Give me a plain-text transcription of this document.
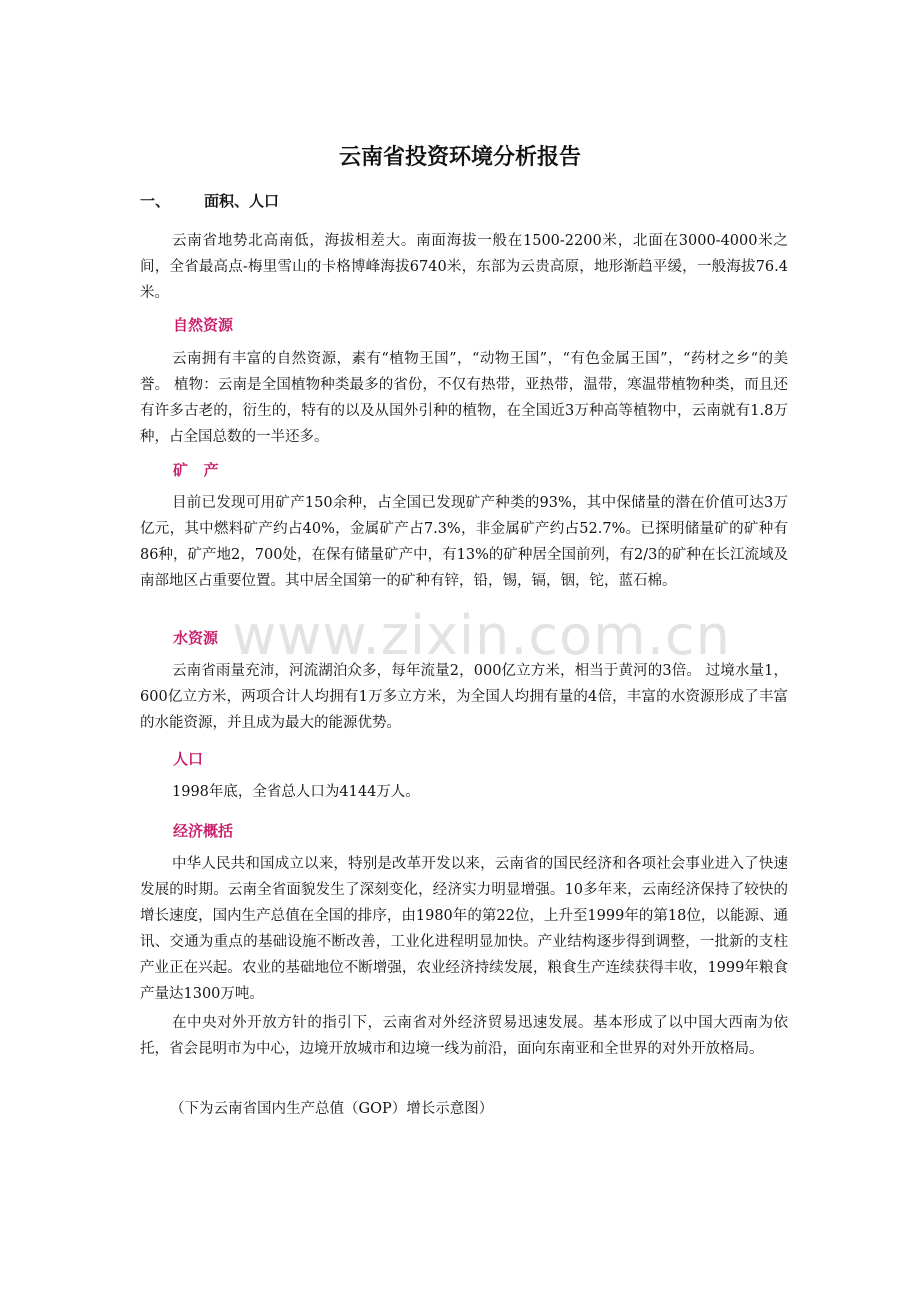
www.zixin.com.cn
云南省投资环境分析报告
一、 面积、人口
云南省地势北高南低，海拔相差大。南面海拔一般在1500-2200米，北面在3000-4000米之间，全省最高点-梅里雪山的卡格博峰海拔6740米，东部为云贵高原，地形渐趋平缓，一般海拔76.4米。
自然资源
云南拥有丰富的自然资源，素有“植物王国”，“动物王国”，“有色金属王国”，“药材之乡“的美誉。 植物：云南是全国植物种类最多的省份，不仅有热带，亚热带，温带，寒温带植物种类，而且还有许多古老的，衍生的，特有的以及从国外引种的植物，在全国近3万种高等植物中，云南就有1.8万种，占全国总数的一半还多。
矿   产
目前已发现可用矿产150余种，占全国已发现矿产种类的93%，其中保储量的潜在价值可达3万亿元，其中燃料矿产约占40%，金属矿产占7.3%，非金属矿产约占52.7%。已探明储量矿的矿种有86种，矿产地2，700处，在保有储量矿产中，有13%的矿种居全国前列，有2/3的矿种在长江流域及南部地区占重要位置。其中居全国第一的矿种有锌，铅，锡，镉，铟，铊，蓝石棉。
水资源
云南省雨量充沛，河流湖泊众多，每年流量2，000亿立方米，相当于黄河的3倍。 过境水量1，600亿立方米，两项合计人均拥有1万多立方米，为全国人均拥有量的4倍，丰富的水资源形成了丰富的水能资源，并且成为最大的能源优势。
人口
1998年底，全省总人口为4144万人。
经济概括
中华人民共和国成立以来，特别是改革开发以来，云南省的国民经济和各项社会事业进入了快速发展的时期。云南全省面貌发生了深刻变化，经济实力明显增强。10多年来，云南经济保持了较快的增长速度，国内生产总值在全国的排序，由1980年的第22位，上升至1999年的第18位，以能源、通讯、交通为重点的基础设施不断改善，工业化进程明显加快。产业结构逐步得到调整，一批新的支柱产业正在兴起。农业的基础地位不断增强，农业经济持续发展，粮食生产连续获得丰收，1999年粮食产量达1300万吨。
在中央对外开放方针的指引下，云南省对外经济贸易迅速发展。基本形成了以中国大西南为依托，省会昆明市为中心，边境开放城市和边境一线为前沿，面向东南亚和全世界的对外开放格局。
（下为云南省国内生产总值（GOP）增长示意图）
